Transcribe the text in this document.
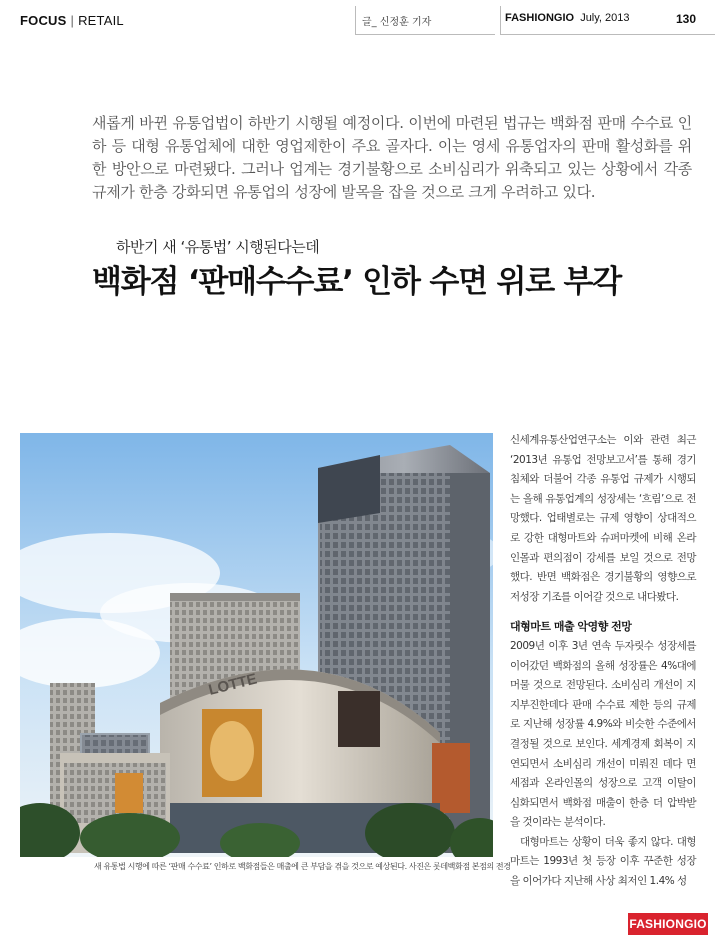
FOCUS | RETAIL	글_ 신정훈 기자	FASHIONGIO July, 2013	130
새롭게 바뀐 유통업법이 하반기 시행될 예정이다. 이번에 마련된 법규는 백화점 판매 수수료 인하 등 대형 유통업체에 대한 영업제한이 주요 골자다. 이는 영세 유통업자의 판매 활성화를 위한 방안으로 마련됐다. 그러나 업계는 경기불황으로 소비심리가 위축되고 있는 상황에서 각종 규제가 한층 강화되면 유통업의 성장에 발목을 잡을 것으로 크게 우려하고 있다.
하반기 새 ‘유통법’ 시행된다는데
백화점 ‘판매수수료’ 인하 수면 위로 부각
LOTTE
새 유통법 시행에 따른 ‘판매 수수료’ 인하로 백화점들은 매출에 큰 부담을 겪을 것으로 예상된다. 사진은 롯데백화점 본점의 전경

신세계유통산업연구소는 이와 관련 최근 ‘2013년 유통업 전망보고서’를 통해 경기침체와 더불어 각종 유통업 규제가 시행되는 올해 유통업계의 성장세는 ‘흐림’으로 전망했다. 업태별로는 규제 영향이 상대적으로 강한 대형마트와 슈퍼마켓에 비해 온라인몰과 편의점이 강세를 보일 것으로 전망했다. 반면 백화점은 경기불황의 영향으로 저성장 기조를 이어갈 것으로 내다봤다.

대형마트 매출 악영향 전망

2009년 이후 3년 연속 두자릿수 성장세를 이어갔던 백화점의 올해 성장률은 4%대에 머물 것으로 전망된다. 소비심리 개선이 지지부진한데다 판매 수수료 제한 등의 규제로 지난해 성장률 4.9%와 비슷한 수준에서 결정될 것으로 보인다. 세계경제 회복이 지연되면서 소비심리 개선이 미뤄진 데다 면세점과 온라인몰의 성장으로 고객 이탈이 심화되면서 백화점 매출이 한층 더 압박받을 것이라는 분석이다.

대형마트는 상황이 더욱 좋지 않다. 대형마트는 1993년 첫 등장 이후 꾸준한 성장을 이어가다 지난해 사상 최저인 1.4% 성

FASHIONGIO
